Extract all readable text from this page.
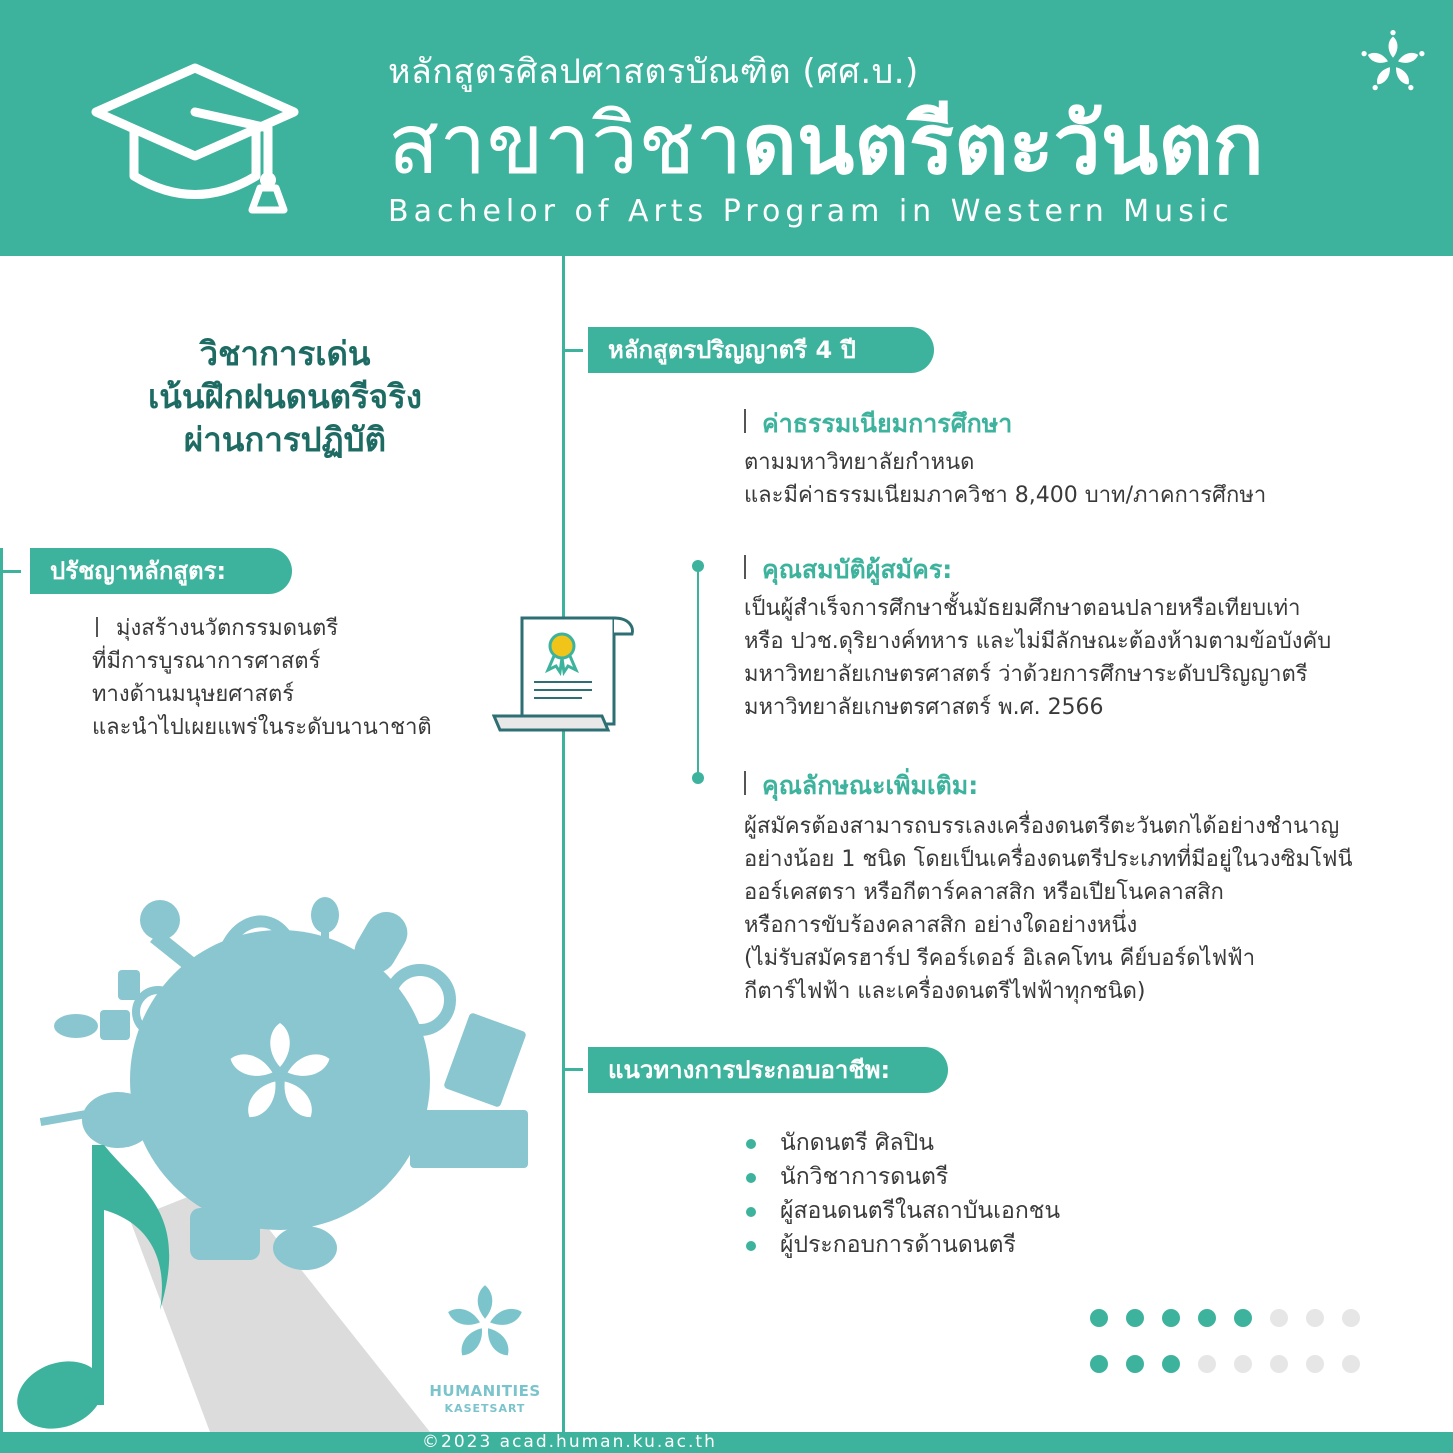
หลักสูตรศิลปศาสตรบัณฑิต (ศศ.บ.)
สาขาวิชาดนตรีตะวันตก
Bachelor of Arts Program in Western Music
วิชาการเด่น
เน้นฝึกฝนดนตรีจริง
ผ่านการปฏิบัติ
ปรัชญาหลักสูตร:
มุ่งสร้างนวัตกรรมดนตรี
ที่มีการบูรณาการศาสตร์
ทางด้านมนุษยศาสตร์
และนำไปเผยแพร่ในระดับนานาชาติ
หลักสูตรปริญญาตรี 4 ปี
ค่าธรรมเนียมการศึกษา
ตามมหาวิทยาลัยกำหนด
และมีค่าธรรมเนียมภาควิชา 8,400 บาท/ภาคการศึกษา
คุณสมบัติผู้สมัคร:
เป็นผู้สำเร็จการศึกษาชั้นมัธยมศึกษาตอนปลายหรือเทียบเท่า
หรือ ปวช.ดุริยางค์ทหาร และไม่มีลักษณะต้องห้ามตามข้อบังคับ
มหาวิทยาลัยเกษตรศาสตร์ ว่าด้วยการศึกษาระดับปริญญาตรี
มหาวิทยาลัยเกษตรศาสตร์ พ.ศ. 2566
คุณลักษณะเพิ่มเติม:
ผู้สมัครต้องสามารถบรรเลงเครื่องดนตรีตะวันตกได้อย่างชำนาญ
อย่างน้อย 1 ชนิด โดยเป็นเครื่องดนตรีประเภทที่มีอยู่ในวงซิมโฟนี
ออร์เคสตรา หรือกีตาร์คลาสสิก หรือเปียโนคลาสสิก
หรือการขับร้องคลาสสิก อย่างใดอย่างหนึ่ง
(ไม่รับสมัครฮาร์ป รีคอร์เดอร์ อิเลคโทน คีย์บอร์ดไฟฟ้า
กีตาร์ไฟฟ้า และเครื่องดนตรีไฟฟ้าทุกชนิด)
แนวทางการประกอบอาชีพ:
นักดนตรี ศิลปิน
นักวิชาการดนตรี
ผู้สอนดนตรีในสถาบันเอกชน
ผู้ประกอบการด้านดนตรี
HUMANITIES
KASETSART
©2023 acad.human.ku.ac.th
